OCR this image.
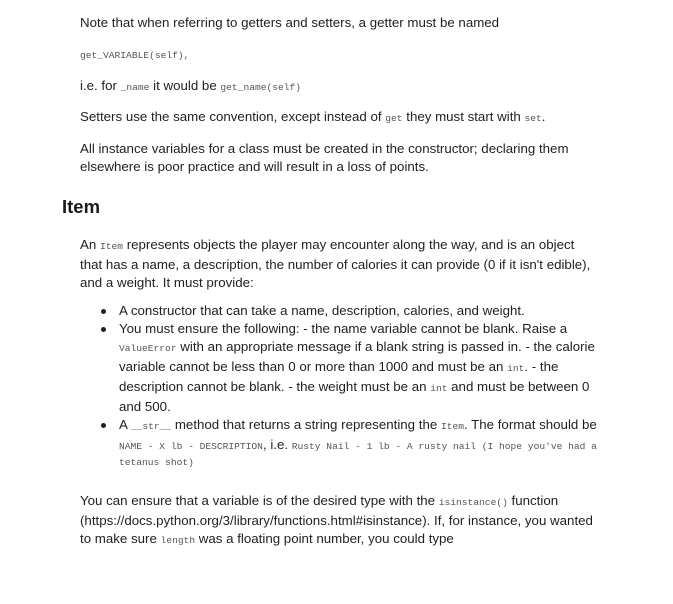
Note that when referring to getters and setters, a getter must be named

get_VARIABLE(self),

i.e. for _name it would be get_name(self)

Setters use the same convention, except instead of get they must start with set.

All instance variables for a class must be created in the constructor; declaring them elsewhere is poor practice and will result in a loss of points.

Item

An Item represents objects the player may encounter along the way, and is an object that has a name, a description, the number of calories it can provide (0 if it isn't edible), and a weight. It must provide:

A constructor that can take a name, description, calories, and weight.
You must ensure the following: - the name variable cannot be blank. Raise a ValueError with an appropriate message if a blank string is passed in. - the calorie variable cannot be less than 0 or more than 1000 and must be an int. - the description cannot be blank. - the weight must be an int and must be between 0 and 500.
A __str__ method that returns a string representing the Item. The format should be
NAME - X lb - DESCRIPTION, i.e. Rusty Nail - 1 lb - A rusty nail (I hope you've had a tetanus shot)

You can ensure that a variable is of the desired type with the isinstance() function (https://docs.python.org/3/library/functions.html#isinstance). If, for instance, you wanted to make sure length was a floating point number, you could type
